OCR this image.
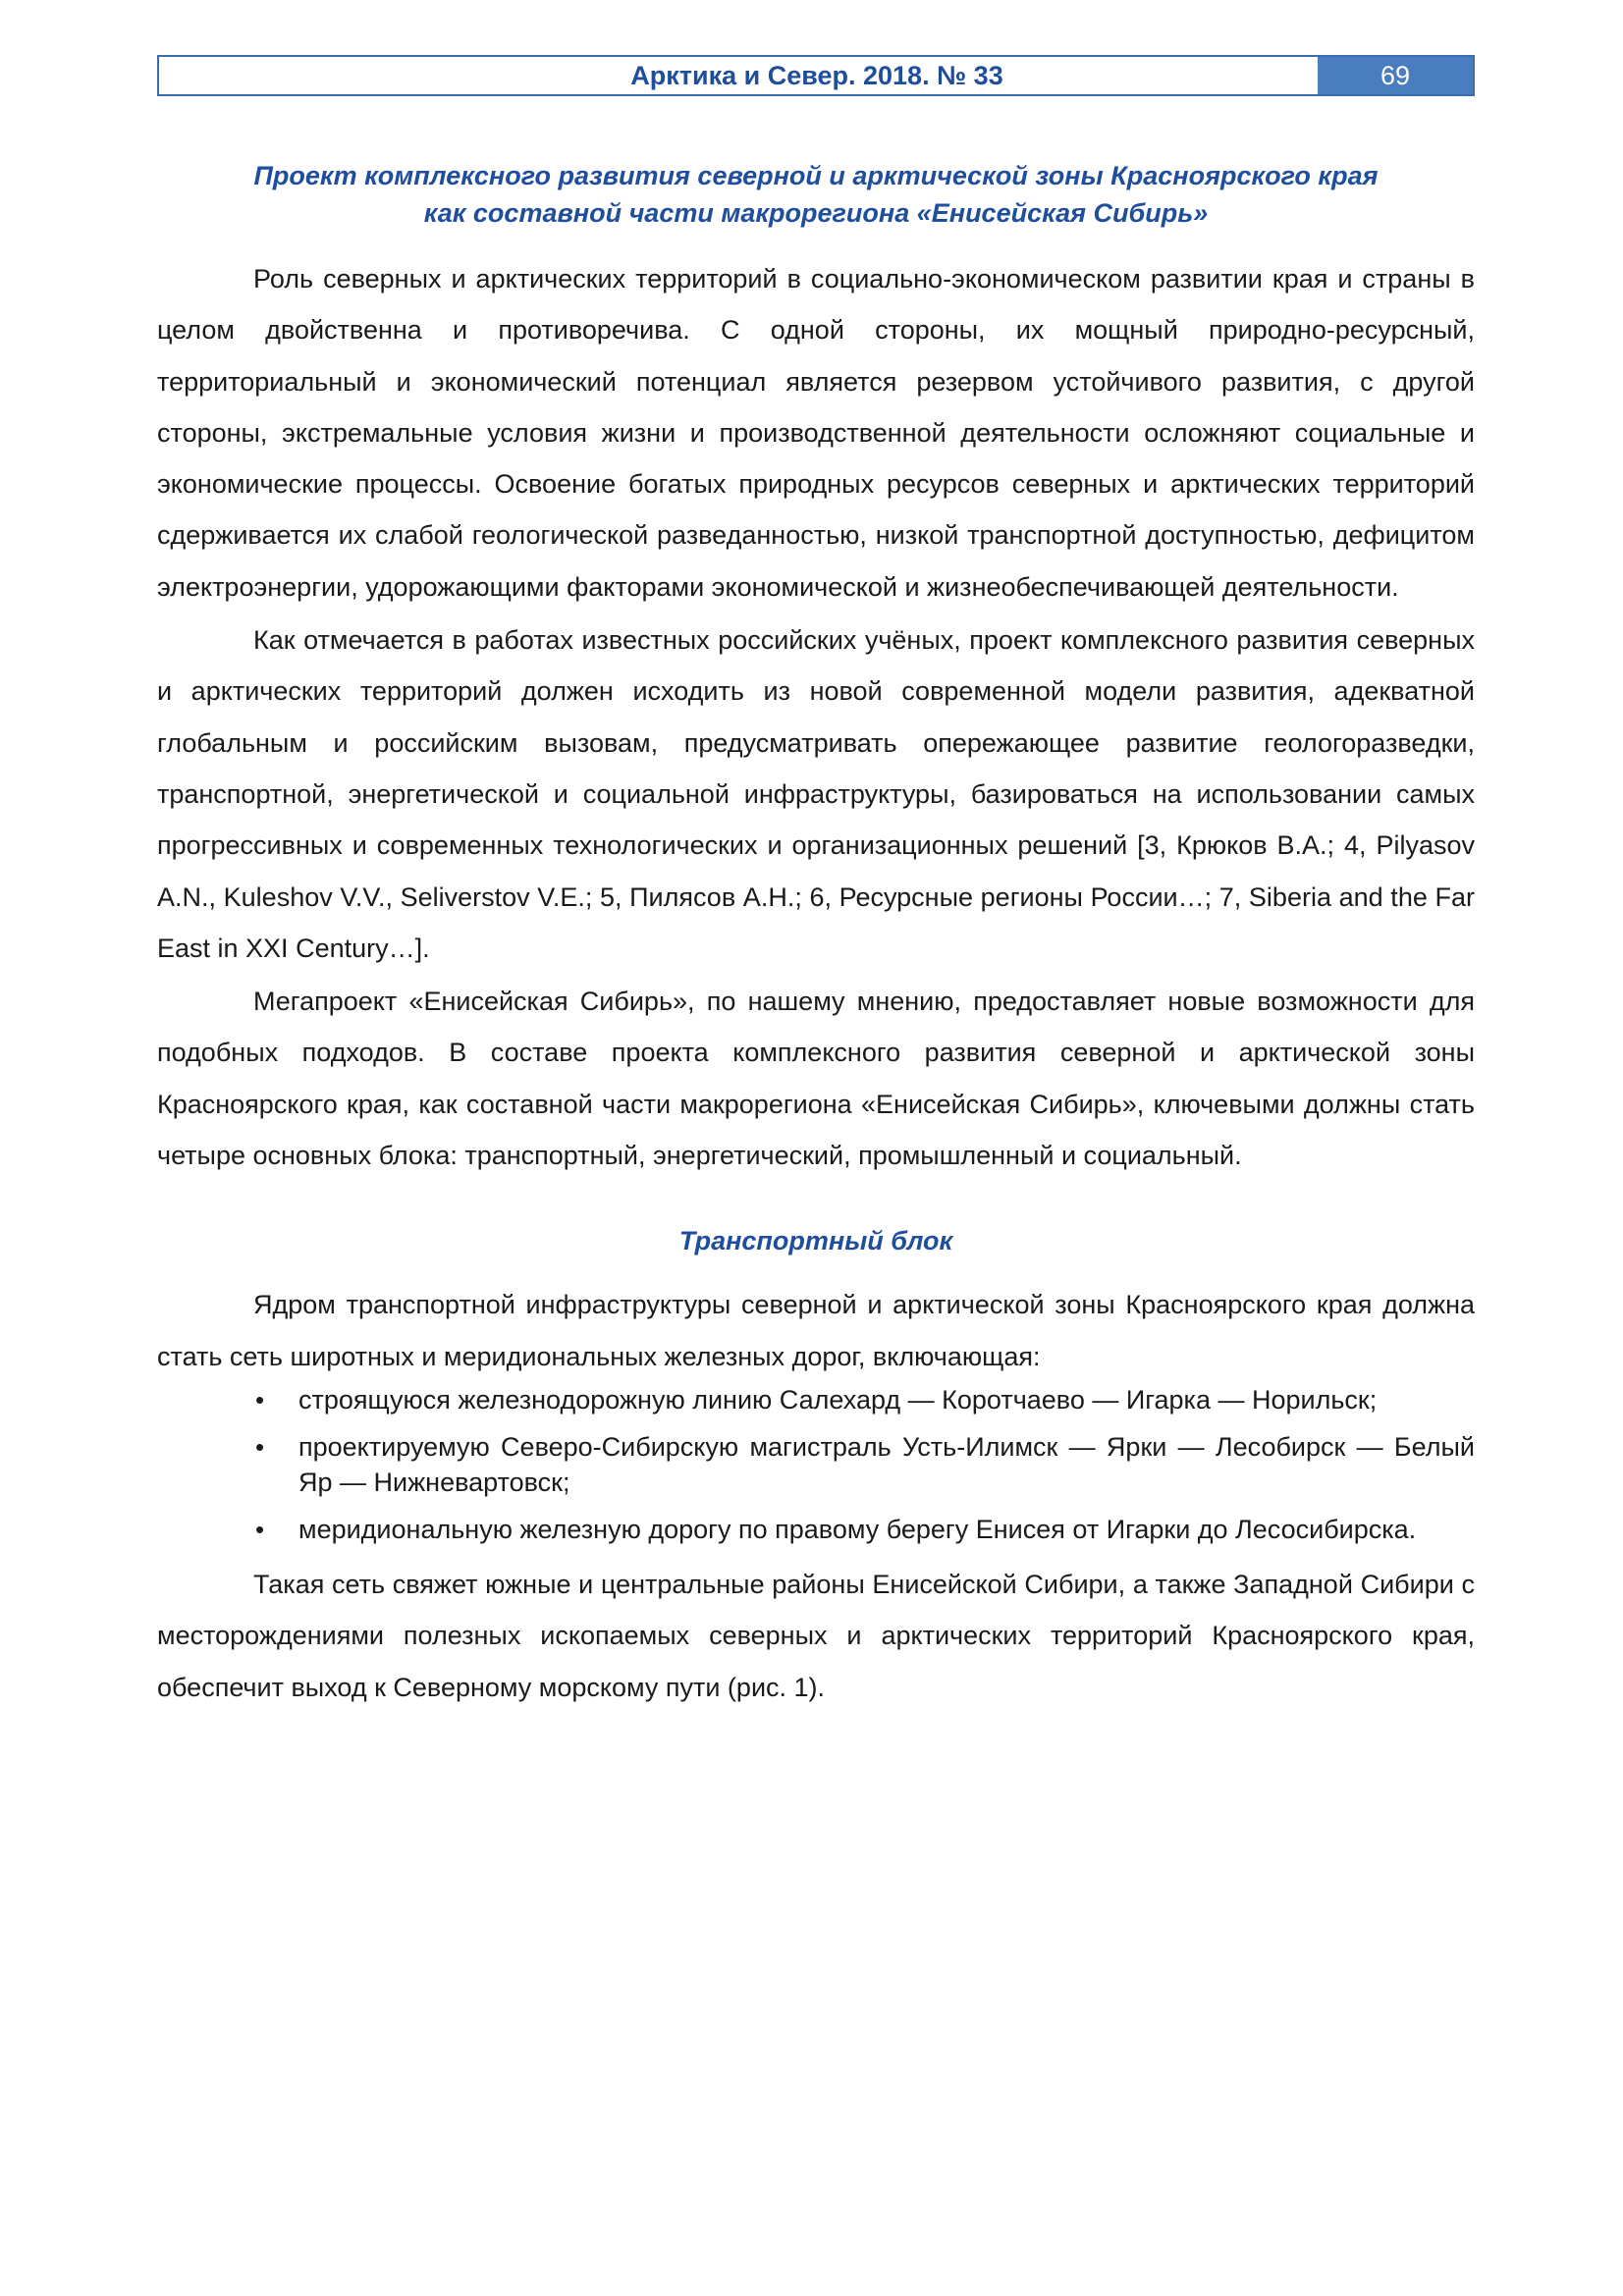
Арктика и Север. 2018. № 33	69
Проект комплексного развития северной и арктической зоны Красноярского края
как составной части макрорегиона «Енисейская Сибирь»

Роль северных и арктических территорий в социально-экономическом развитии края и страны в целом двойственна и противоречива. С одной стороны, их мощный природно-ресурсный, территориальный и экономический потенциал является резервом устойчивого развития, с другой стороны, экстремальные условия жизни и производственной деятельности осложняют социальные и экономические процессы. Освоение богатых природных ресурсов северных и арктических территорий сдерживается их слабой геологической разведанностью, низкой транспортной доступностью, дефицитом электроэнергии, удорожающими факторами экономической и жизнеобеспечивающей деятельности.

Как отмечается в работах известных российских учёных, проект комплексного развития северных и арктических территорий должен исходить из новой современной модели развития, адекватной глобальным и российским вызовам, предусматривать опережающее развитие геологоразведки, транспортной, энергетической и социальной инфраструктуры, базироваться на использовании самых прогрессивных и современных технологических и организационных решений [3, Крюков В.А.; 4, Pilyasov A.N., Kuleshov V.V., Seliverstov V.E.; 5, Пилясов А.Н.; 6, Ресурсные регионы России…; 7, Siberia and the Far East in XXI Century…].

Мегапроект «Енисейская Сибирь», по нашему мнению, предоставляет новые возможности для подобных подходов. В составе проекта комплексного развития северной и арктической зоны Красноярского края, как составной части макрорегиона «Енисейская Сибирь», ключевыми должны стать четыре основных блока: транспортный, энергетический, промышленный и социальный.

Транспортный блок

Ядром транспортной инфраструктуры северной и арктической зоны Красноярского края должна стать сеть широтных и меридиональных железных дорог, включающая:

• строящуюся железнодорожную линию Салехард — Коротчаево — Игарка — Норильск;
• проектируемую Северо-Сибирскую магистраль Усть-Илимск — Ярки — Лесобирск — Белый Яр — Нижневартовск;
• меридиональную железную дорогу по правому берегу Енисея от Игарки до Лесосибирска.

Такая сеть свяжет южные и центральные районы Енисейской Сибири, а также Западной Сибири с месторождениями полезных ископаемых северных и арктических территорий Красноярского края, обеспечит выход к Северному морскому пути (рис. 1).
